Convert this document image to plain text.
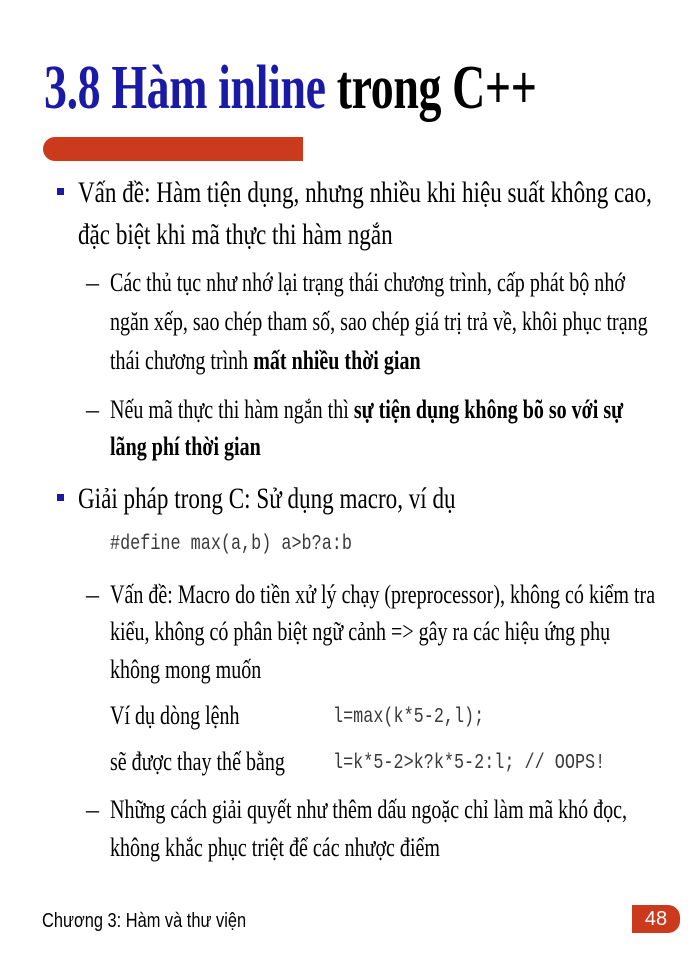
3.8 Hàm inline trong C++
Vấn đề: Hàm tiện dụng, nhưng nhiều khi hiệu suất không cao,
đặc biệt khi mã thực thi hàm ngắn
– Các thủ tục như nhớ lại trạng thái chương trình, cấp phát bộ nhớ
ngăn xếp, sao chép tham số, sao chép giá trị trả về, khôi phục trạng
thái chương trình mất nhiều thời gian
– Nếu mã thực thi hàm ngắn thì sự tiện dụng không bõ so với sự
lãng phí thời gian
Giải pháp trong C: Sử dụng macro, ví dụ
#define max(a,b) a>b?a:b
– Vấn đề: Macro do tiền xử lý chạy (preprocessor), không có kiểm tra
kiểu, không có phân biệt ngữ cảnh => gây ra các hiệu ứng phụ
không mong muốn
Ví dụ dòng lệnh	l=max(k*5-2,l);
sẽ được thay thế bằng l=k*5-2>k?k*5-2:l; // OOPS!
– Những cách giải quyết như thêm dấu ngoặc chỉ làm mã khó đọc,
không khắc phục triệt để các nhược điểm
Chương 3: Hàm và thư viện	48
